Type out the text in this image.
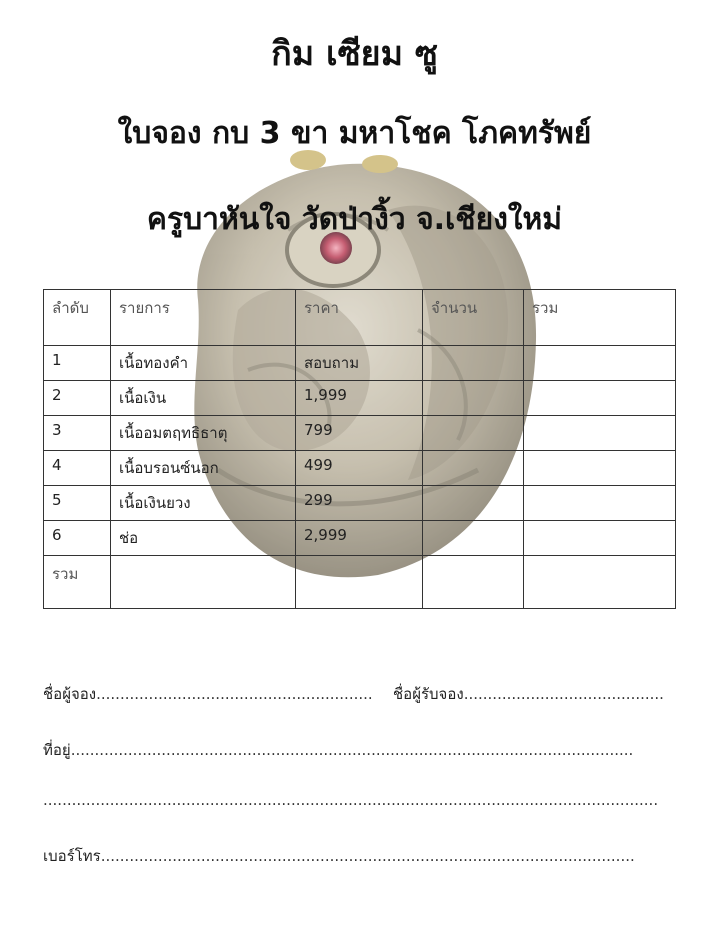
กิม เซียม ซู
ใบจอง กบ 3 ขา มหาโชค โภคทรัพย์
ครูบาหันใจ วัดป่างิ้ว จ.เชียงใหม่
ลำดับ	รายการ	ราคา	จำนวน	รวม
1	เนื้อทองคำ	สอบถาม		
2	เนื้อเงิน	1,999		
3	เนื้ออมตฤทธิธาตุ	799		
4	เนื้อบรอนซ์นอก	499		
5	เนื้อเงินยวง	299		
6	ช่อ	2,999		
รวม				
ชื่อผู้จอง.......................................................... ชื่อผู้รับจอง..........................................
ที่อยู่......................................................................................................................
.................................................................................................................................
เบอร์โทร................................................................................................................
